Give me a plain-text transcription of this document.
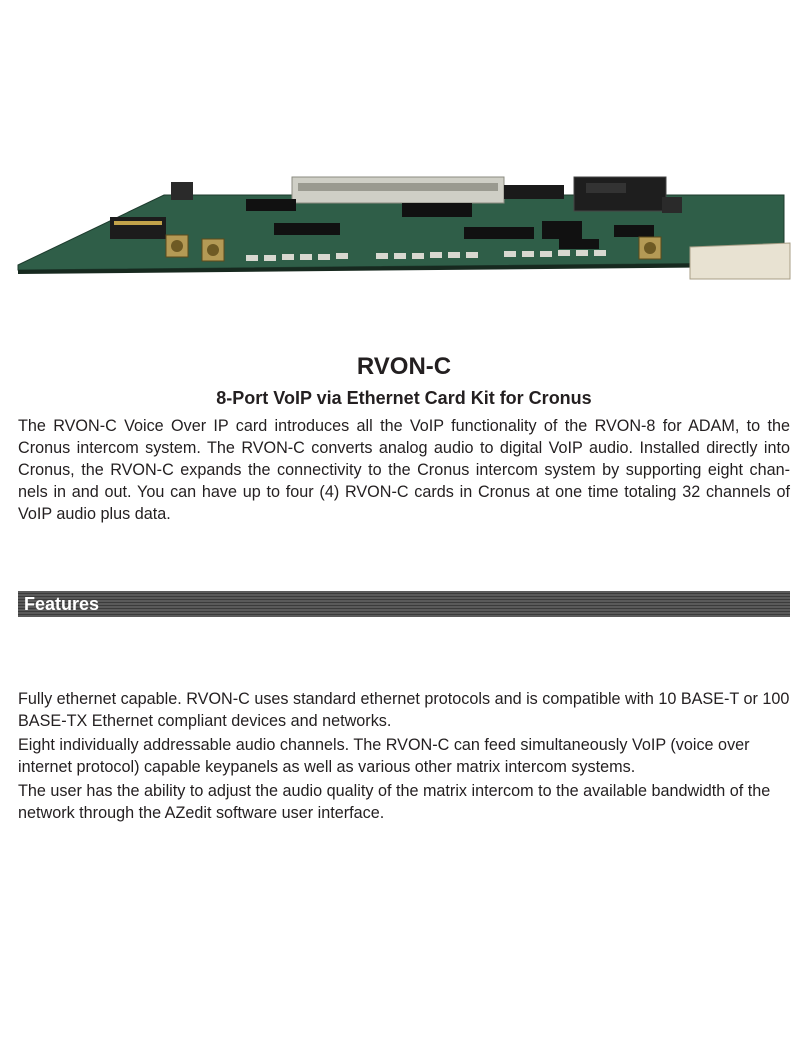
RVON-C
8-Port VoIP via Ethernet Card Kit for Cronus

The RVON-C Voice Over IP card introduces all the VoIP functionality of the RVON-8 for ADAM, to the Cronus intercom system. The RVON-C converts analog audio to digital VoIP audio. Installed directly into Cronus, the RVON-C expands the connectivity to the Cronus intercom system by supporting eight chan-nels in and out. You can have up to four (4) RVON-C cards in Cronus at one time totaling 32 channels of VoIP audio plus data.

Features

Fully ethernet capable. RVON-C uses standard ethernet protocols and is compatible with 10 BASE-T or 100 BASE-TX Ethernet compliant devices and networks.

Eight individually addressable audio channels. The RVON-C can feed simultaneously VoIP (voice over internet protocol) capable keypanels as well as various other matrix intercom systems.

The user has the ability to adjust the audio quality of the matrix intercom to the available bandwidth of the network through the AZedit software user interface.
